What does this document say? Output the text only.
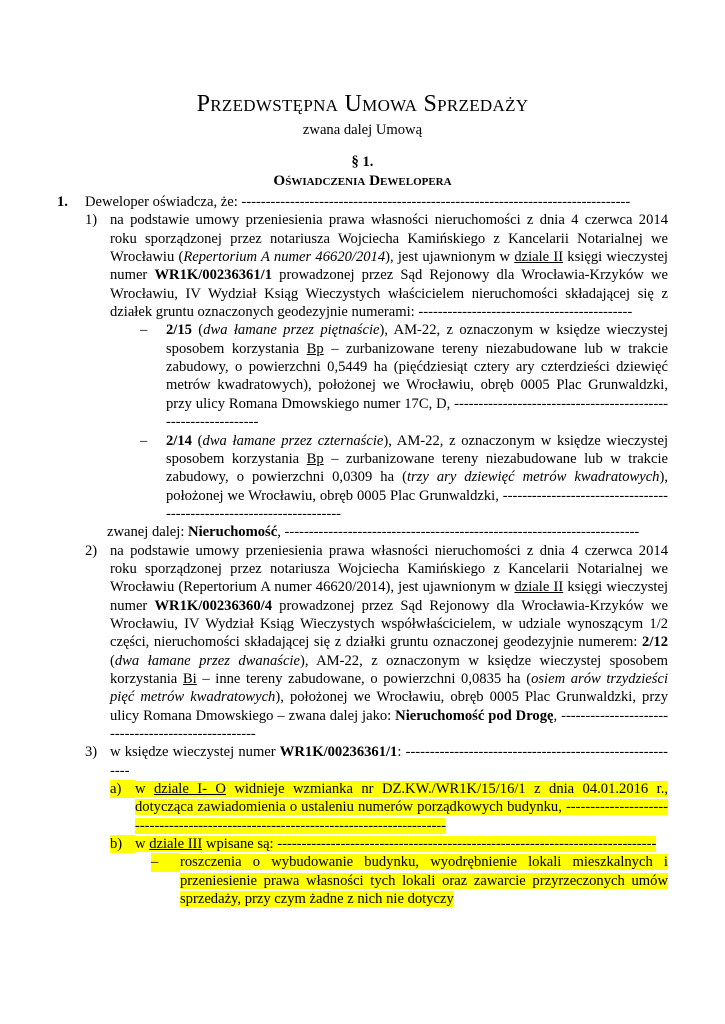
Przedwstępna Umowa Sprzedaży
zwana dalej Umową
§ 1.
Oświadczenia Dewelopera
1. Deweloper oświadcza, że: --------------------------------------------------------------------------------
1) na podstawie umowy przeniesienia prawa własności nieruchomości z dnia 4 czerwca 2014 roku sporządzonej przez notariusza Wojciecha Kamińskiego z Kancelarii Notarialnej we Wrocławiu (Repertorium A numer 46620/2014), jest ujawnionym w dziale II księgi wieczystej numer WR1K/00236361/1 prowadzonej przez Sąd Rejonowy dla Wrocławia-Krzyków we Wrocławiu, IV Wydział Ksiąg Wieczystych właścicielem nieruchomości składającej się z działek gruntu oznaczonych geodezyjnie numerami: --------------------------------------------
– 2/15 (dwa łamane przez piętnaście), AM-22, z oznaczonym w księdze wieczystej sposobem korzystania Bp – zurbanizowane tereny niezabudowane lub w trakcie zabudowy, o powierzchni 0,5449 ha (pięćdziesiąt cztery ary czterdzieści dziewięć metrów kwadratowych), położonej we Wrocławiu, obręb 0005 Plac Grunwaldzki, przy ulicy Romana Dmowskiego numer 17C, D, ---------------------------------------------------------------
– 2/14 (dwa łamane przez czternaście), AM-22, z oznaczonym w księdze wieczystej sposobem korzystania Bp – zurbanizowane tereny niezabudowane lub w trakcie zabudowy, o powierzchni 0,0309 ha (trzy ary dziewięć metrów kwadratowych), położonej we Wrocławiu, obręb 0005 Plac Grunwaldzki, ----------------------------------------------------------------------
zwanej dalej: Nieruchomość, -------------------------------------------------------------------------
2) na podstawie umowy przeniesienia prawa własności nieruchomości z dnia 4 czerwca 2014 roku sporządzonej przez notariusza Wojciecha Kamińskiego z Kancelarii Notarialnej we Wrocławiu (Repertorium A numer 46620/2014), jest ujawnionym w dziale II księgi wieczystej numer WR1K/00236360/4 prowadzonej przez Sąd Rejonowy dla Wrocławia-Krzyków we Wrocławiu, IV Wydział Ksiąg Wieczystych współwłaścicielem, w udziale wynoszącym 1/2 części, nieruchomości składającej się z działki gruntu oznaczonej geodezyjnie numerem: 2/12 (dwa łamane przez dwanaście), AM-22, z oznaczonym w księdze wieczystej sposobem korzystania Bi – inne tereny zabudowane, o powierzchni 0,0835 ha (osiem arów trzydzieści pięć metrów kwadratowych), położonej we Wrocławiu, obręb 0005 Plac Grunwaldzki, przy ulicy Romana Dmowskiego – zwana dalej jako: Nieruchomość pod Drogę, ----------------------------------------------------
3) w księdze wieczystej numer WR1K/00236361/1: ----------------------------------------------------------
a) w dziale I- O widnieje wzmianka nr DZ.KW./WR1K/15/16/1 z dnia 04.01.2016 r., dotycząca zawiadomienia o ustaleniu numerów porządkowych budynku, -------------------------------------------------------------------------------------
b) w dziale III wpisane są: ------------------------------------------------------------------------------
–	roszczenia o wybudowanie budynku, wyodrębnienie lokali mieszkalnych i przeniesienie prawa własności tych lokali oraz zawarcie przyrzeczonych umów sprzedaży, przy czym żadne z nich nie dotyczy
